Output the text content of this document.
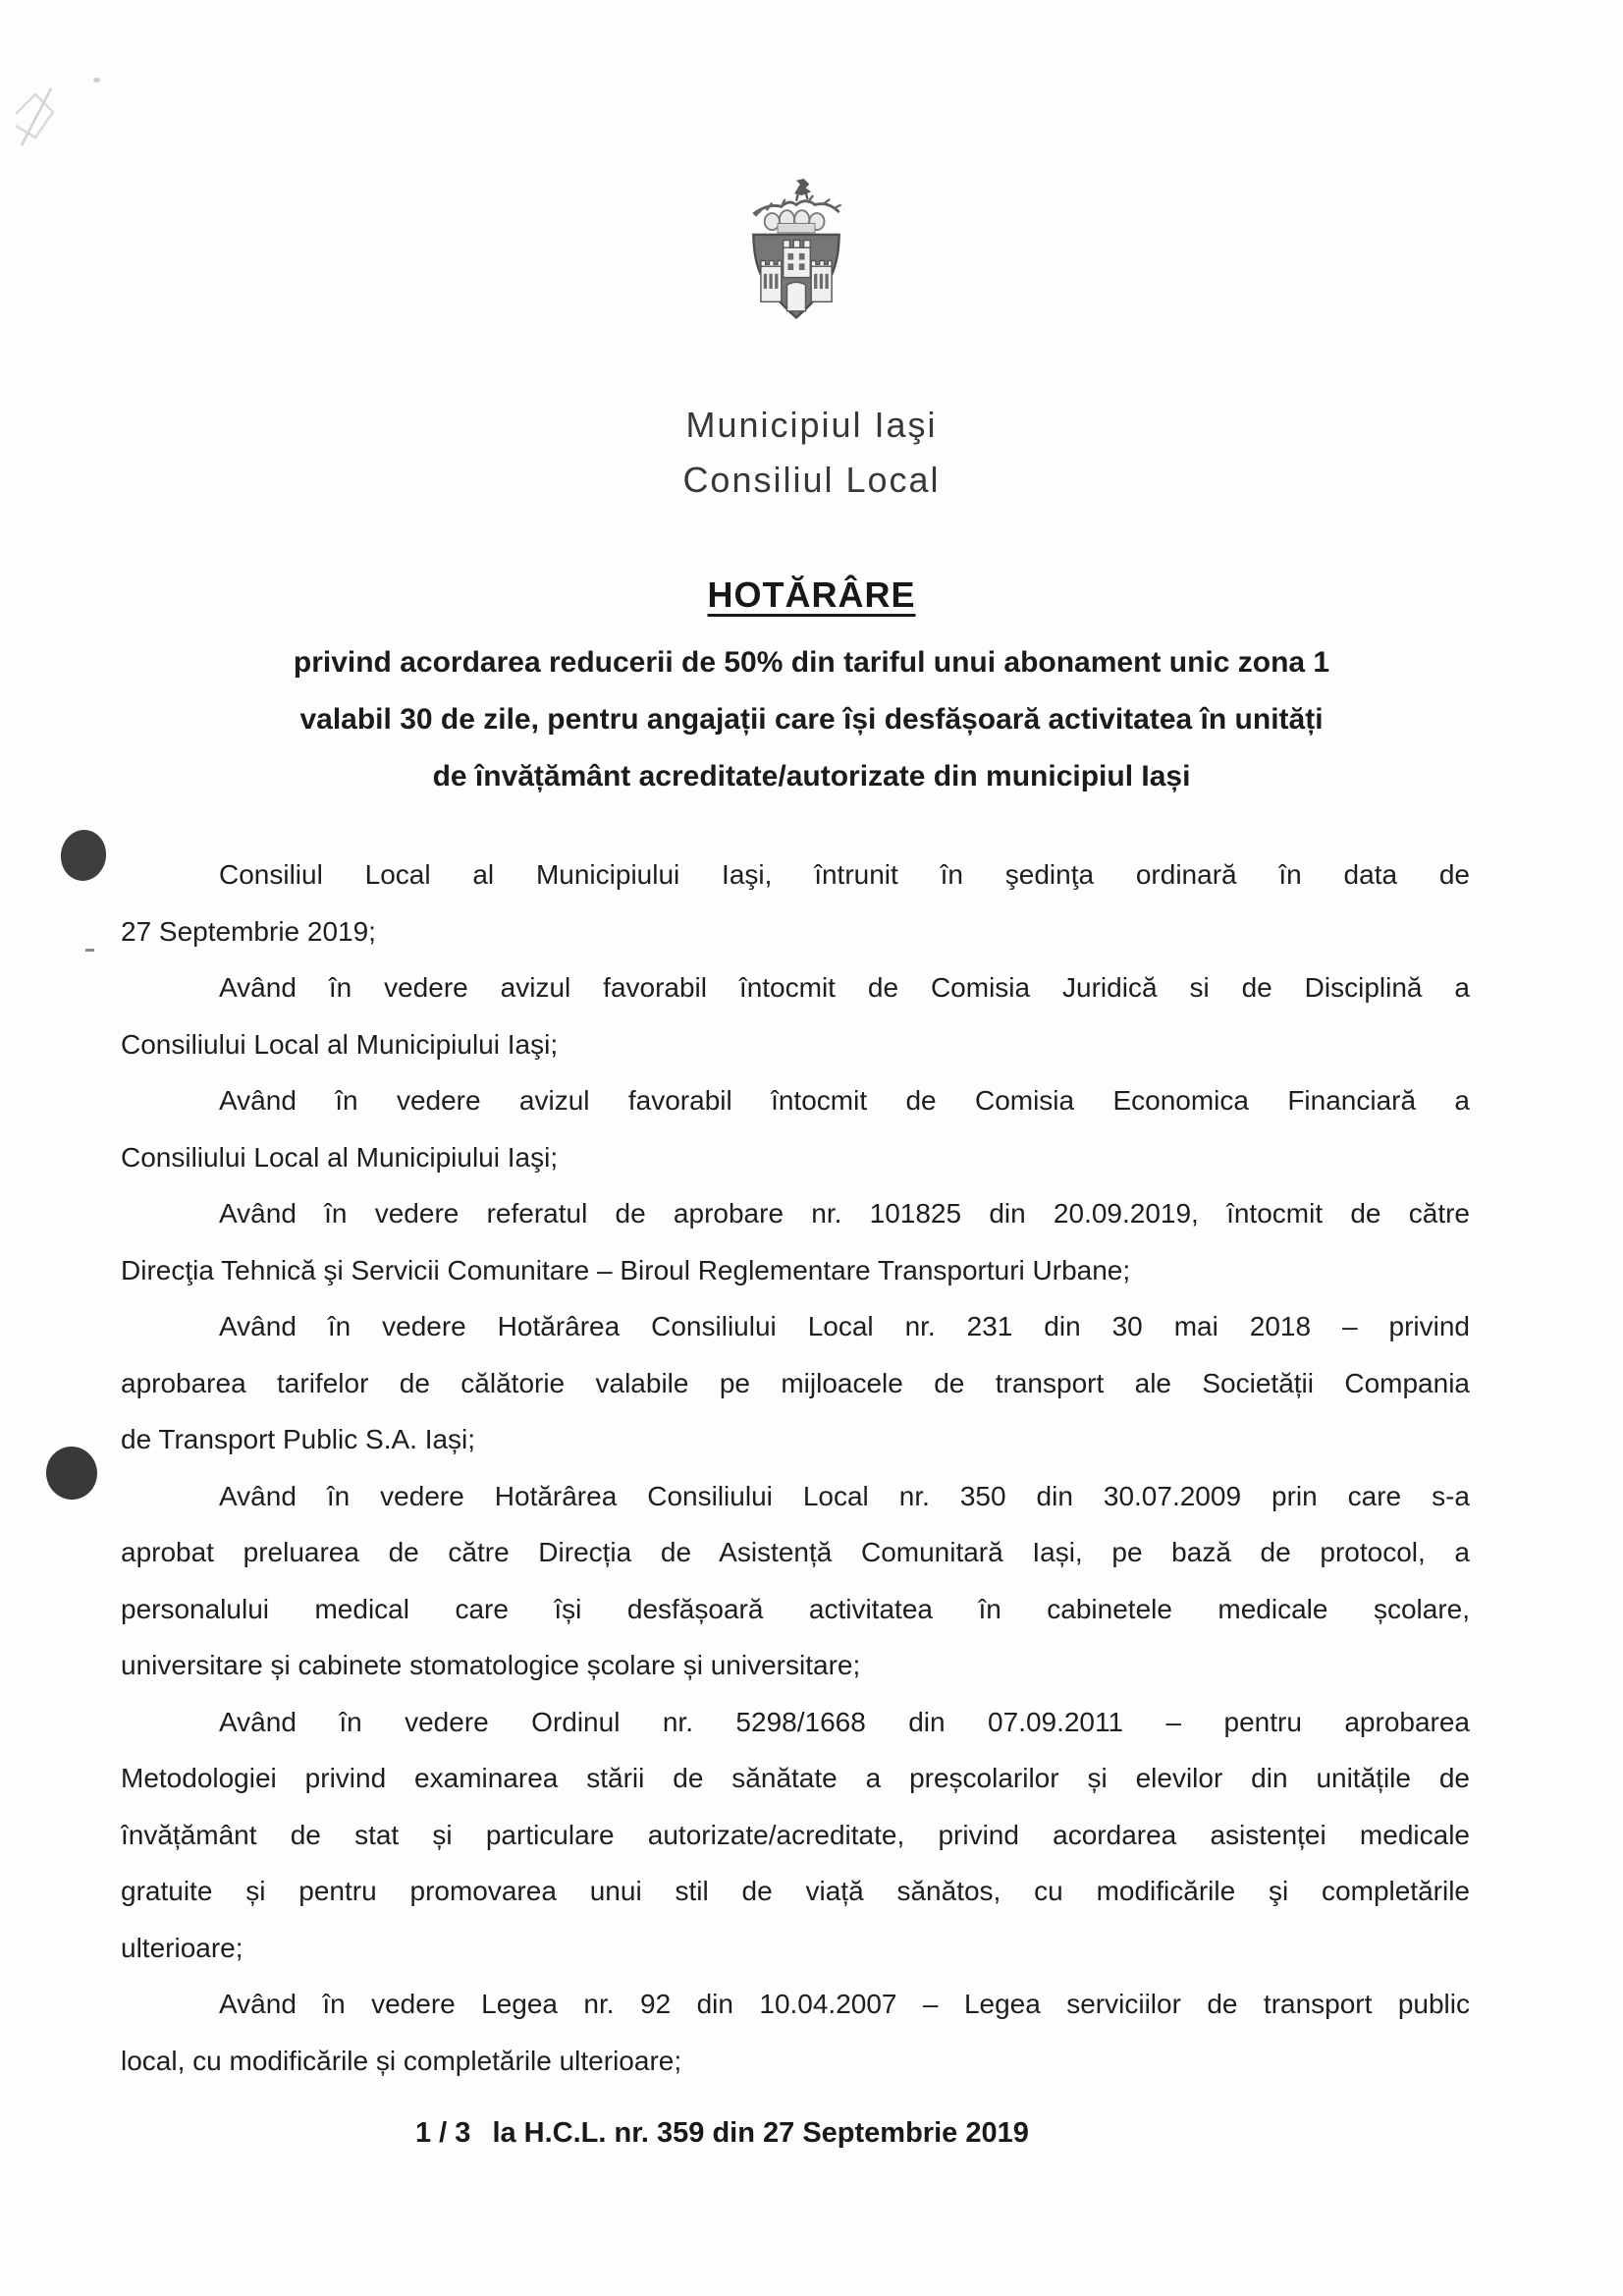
Municipiul Iaşi
Consiliul Local
HOTĂRÂRE
privind acordarea reducerii de 50% din tariful unui abonament unic zona 1
valabil 30 de zile, pentru angajații care își desfășoară activitatea în unități
de învățământ acreditate/autorizate din municipiul Iași
Consiliul Local al Municipiului Iaşi, întrunit în şedinţa ordinară în data de
27 Septembrie 2019;
Având în vedere avizul favorabil întocmit de Comisia Juridică si de Disciplină a
Consiliului Local al Municipiului Iaşi;
Având în vedere avizul favorabil întocmit de Comisia Economica Financiară a
Consiliului Local al Municipiului Iaşi;
Având în vedere referatul de aprobare nr. 101825 din 20.09.2019, întocmit de către
Direcţia Tehnică şi Servicii Comunitare – Biroul Reglementare Transporturi Urbane;
Având în vedere Hotărârea Consiliului Local nr. 231 din 30 mai 2018 – privind
aprobarea tarifelor de călătorie valabile pe mijloacele de transport ale Societății Compania
de Transport Public S.A. Iași;
Având în vedere Hotărârea Consiliului Local nr. 350 din 30.07.2009 prin care s-a
aprobat preluarea de către Direcția de Asistență Comunitară Iași, pe bază de protocol, a
personalului medical care își desfășoară activitatea în cabinetele medicale școlare,
universitare și cabinete stomatologice școlare și universitare;
Având în vedere Ordinul nr. 5298/1668 din 07.09.2011 – pentru aprobarea
Metodologiei privind examinarea stării de sănătate a preșcolarilor și elevilor din unitățile de
învățământ de stat și particulare autorizate/acreditate, privind acordarea asistenței medicale
gratuite și pentru promovarea unui stil de viață sănătos, cu modificările şi completările
ulterioare;
Având în vedere Legea nr. 92 din 10.04.2007 – Legea serviciilor de transport public
local, cu modificările și completările ulterioare;
1 / 3 la H.C.L. nr. 359 din 27 Septembrie 2019
